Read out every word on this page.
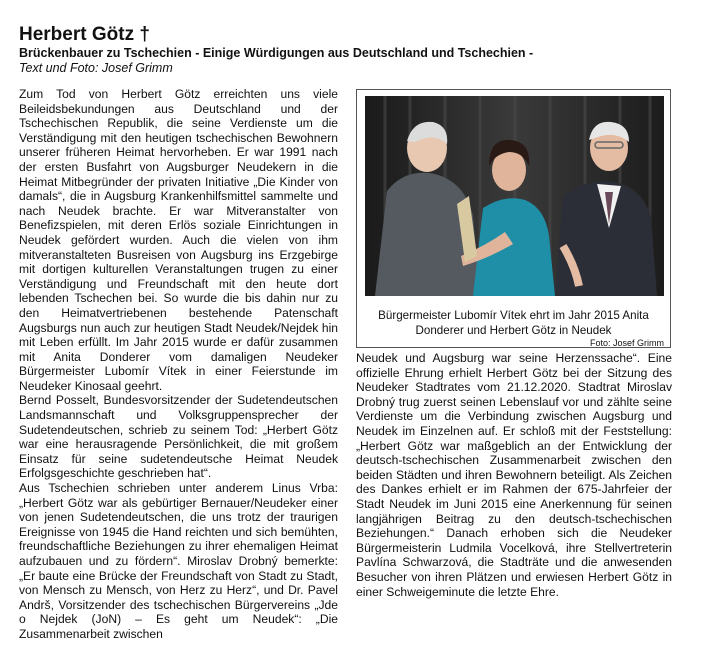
Herbert Götz †
Brückenbauer zu Tschechien - Einige Würdigungen aus Deutschland und Tschechien -
Text und Foto: Josef Grimm

Zum Tod von Herbert Götz erreichten uns viele Beileidsbekundungen aus Deutschland und der Tschechischen Republik, die seine Verdienste um die Verständigung mit den heutigen tschechischen Bewohnern unserer früheren Heimat hervorheben. Er war 1991 nach der ersten Busfahrt von Augsburger Neudekern in die Heimat Mitbegründer der privaten Initiative „Die Kinder von damals“, die in Augsburg Krankenhilfsmittel sammelte und nach Neudek brachte. Er war Mitveranstalter von Benefizspielen, mit deren Erlös soziale Einrichtungen in Neudek gefördert wurden. Auch die vielen von ihm mitveranstalteten Busreisen von Augsburg ins Erzgebirge mit dortigen kulturellen Veranstaltungen trugen zu einer Verständigung und Freundschaft mit den heute dort lebenden Tschechen bei. So wurde die bis dahin nur zu den Heimatvertriebenen bestehende Patenschaft Augsburgs nun auch zur heutigen Stadt Neudek/Nejdek hin mit Leben erfüllt. Im Jahr 2015 wurde er dafür zusammen mit Anita Donderer vom damaligen Neudeker Bürgermeister Lubomír Vítek in einer Feierstunde im Neudeker Kinosaal geehrt.

Bernd Posselt, Bundesvorsitzender der Sudetendeutschen Landsmannschaft und Volksgruppensprecher der Sudetendeutschen, schrieb zu seinem Tod: „Herbert Götz war eine herausragende Persönlichkeit, die mit großem Einsatz für seine sudetendeutsche Heimat Neudek Erfolgsgeschichte geschrieben hat“.

Aus Tschechien schrieben unter anderem Linus Vrba: „Herbert Götz war als gebürtiger Bernauer/Neudeker einer von jenen Sudetendeutschen, die uns trotz der traurigen Ereignisse von 1945 die Hand reichten und sich bemühten, freundschaftliche Beziehungen zu ihrer ehemaligen Heimat aufzubauen und zu fördern“. Miroslav Drobný bemerkte: „Er baute eine Brücke der Freundschaft von Stadt zu Stadt, von Mensch zu Mensch, von Herz zu Herz“, und Dr. Pavel Andrš, Vorsitzender des tschechischen Bürgervereins „Jde o Nejdek (JoN) – Es geht um Neudek“: „Die Zusammenarbeit zwischen

Bürgermeister Lubomír Vítek ehrt im Jahr 2015 Anita Donderer und Herbert Götz in Neudek
Foto: Josef Grimm

Neudek und Augsburg war seine Herzenssache“. Eine offizielle Ehrung erhielt Herbert Götz bei der Sitzung des Neudeker Stadtrates vom 21.12.2020. Stadtrat Miroslav Drobný trug zuerst seinen Lebenslauf vor und zählte seine Verdienste um die Verbindung zwischen Augsburg und Neudek im Einzelnen auf. Er schloß mit der Feststellung: „Herbert Götz war maßgeblich an der Entwicklung der deutsch-tschechischen Zusammenarbeit zwischen den beiden Städten und ihren Bewohnern beteiligt. Als Zeichen des Dankes erhielt er im Rahmen der 675-Jahrfeier der Stadt Neudek im Juni 2015 eine Anerkennung für seinen langjährigen Beitrag zu den deutsch-tschechischen Beziehungen.“ Danach erhoben sich die Neudeker Bürgermeisterin Ludmila Vocelková, ihre Stellvertreterin Pavlína Schwarzová, die Stadträte und die anwesenden Besucher von ihren Plätzen und erwiesen Herbert Götz in einer Schweigeminute die letzte Ehre.
